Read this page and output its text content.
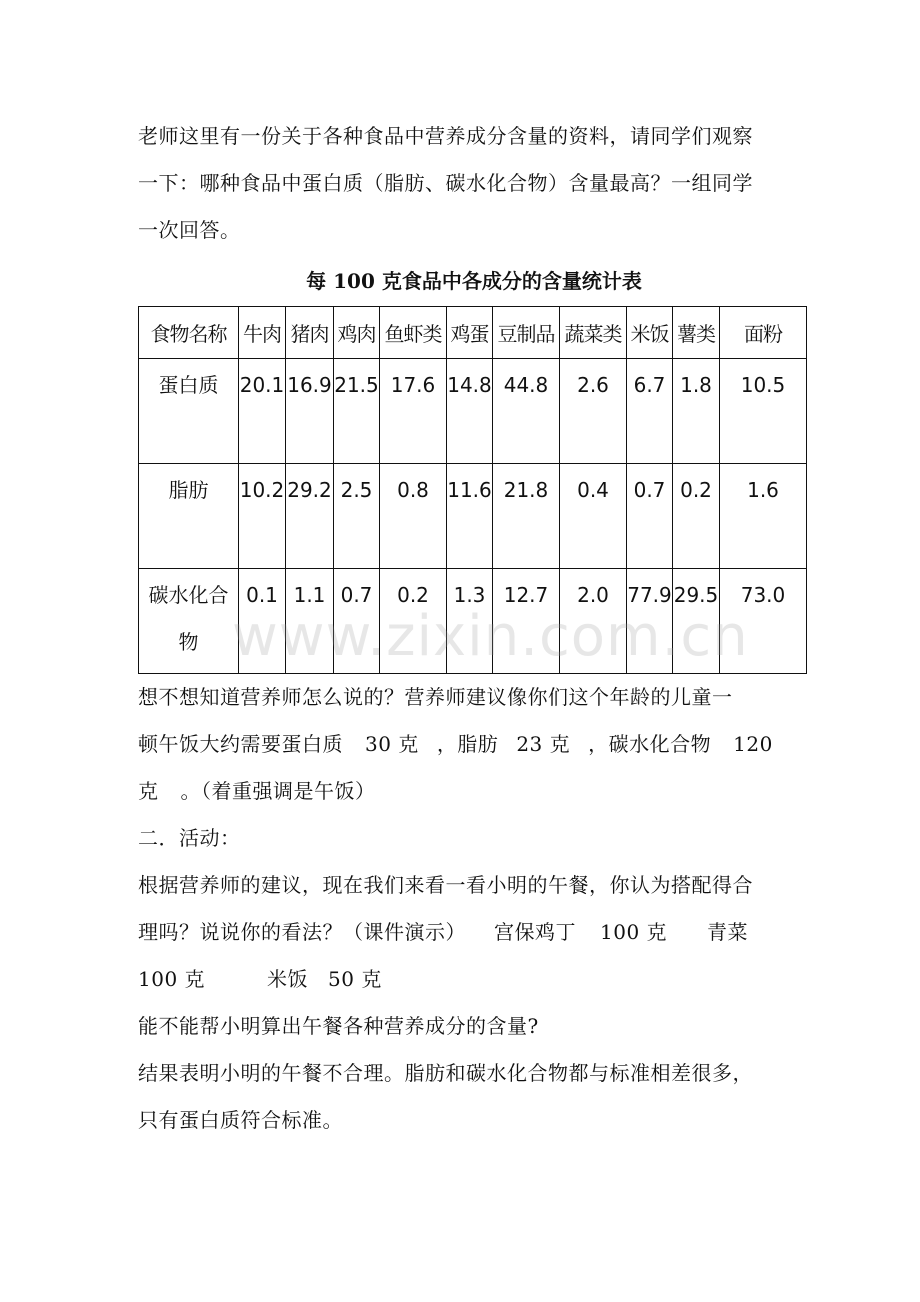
老师这里有一份关于各种食品中营养成分含量的资料，请同学们观察

一下：哪种食品中蛋白质（脂肪、碳水化合物）含量最高？一组同学

一次回答。

每 100 克食品中各成分的含量统计表
食物名称	牛肉	猪肉	鸡肉	鱼虾类	鸡蛋	豆制品	蔬菜类	米饭	薯类	面粉
蛋白质	20.1	16.9	21.5	17.6	14.8	44.8	2.6	6.7	1.8	10.5
脂肪	10.2	29.2	2.5	0.8	11.6	21.8	0.4	0.7	0.2	1.6
碳水化合物	0.1	1.1	0.7	0.2	1.3	12.7	2.0	77.9	29.5	73.0

想不想知道营养师怎么说的？营养师建议像你们这个年龄的儿童一

顿午饭大约需要蛋白质 30 克 ，脂肪 23 克 ，碳水化合物 120

克 。（着重强调是午饭）

二．活动：

根据营养师的建议，现在我们来看一看小明的午餐，你认为搭配得合

理吗？说说你的看法？（课件演示） 宫保鸡丁 100 克 青菜

100 克	米饭 50 克

能不能帮小明算出午餐各种营养成分的含量?

结果表明小明的午餐不合理。脂肪和碳水化合物都与标准相差很多，

只有蛋白质符合标准。

www.zixin.com.cn
